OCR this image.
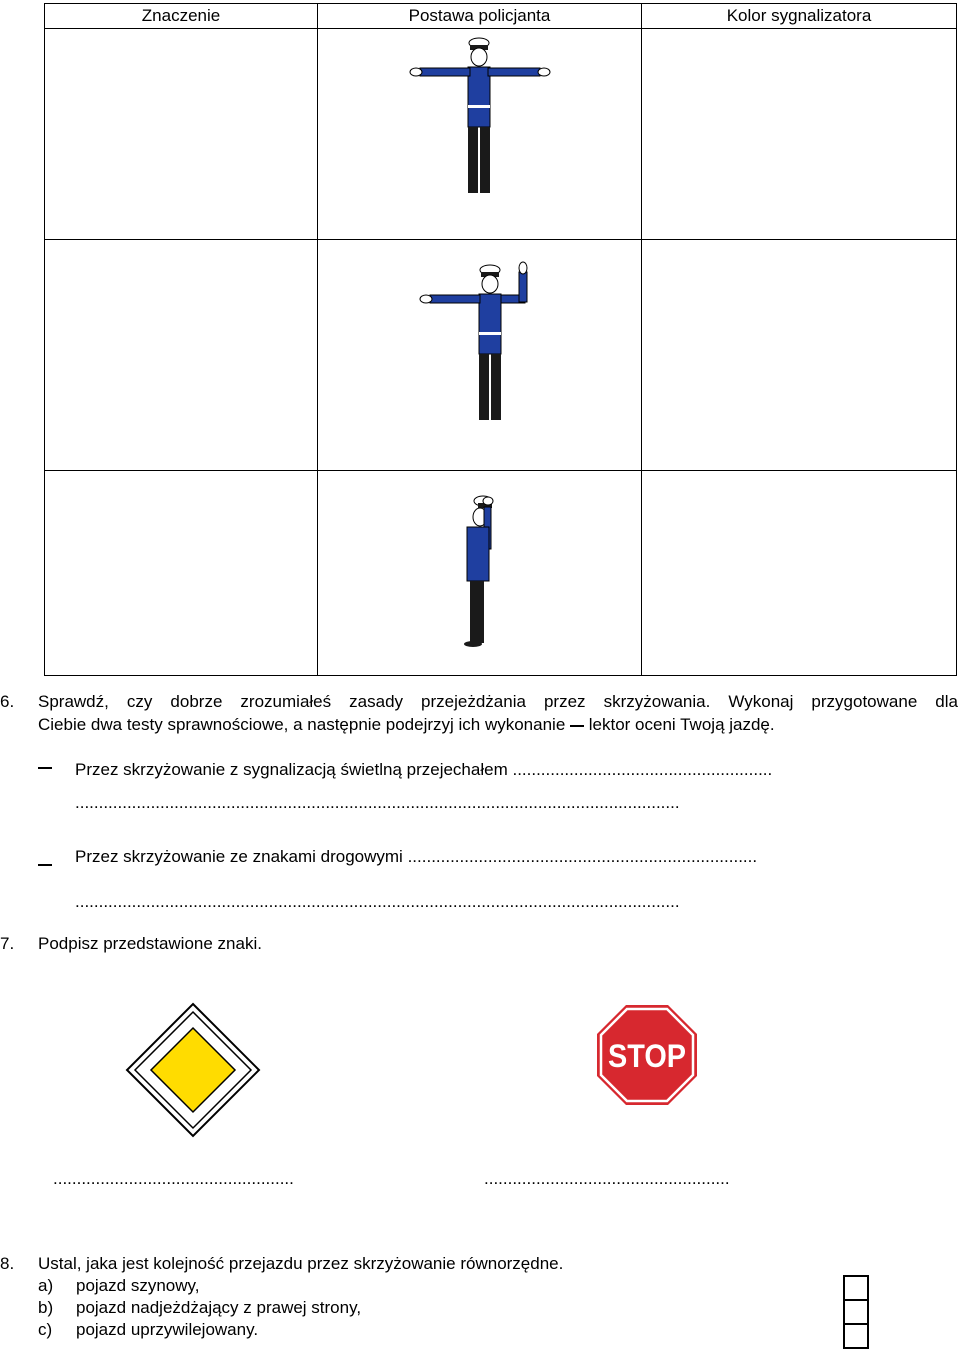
Znaczenie	Postawa policjanta	Kolor sygnalizatora

6. Sprawdź, czy dobrze zrozumiałeś zasady przejeżdżania przez skrzyżowania. Wykonaj przygotowane dla
Ciebie dwa testy sprawnościowe, a następnie podejrzyj ich wykonanie lektor oceni Twoją jazdę.
Przez skrzyżowanie z sygnalizacją świetlną przejechałem .......................................................
................................................................................................................................
Przez skrzyżowanie ze znakami drogowymi ..........................................................................
................................................................................................................................
7. Podpisz przedstawione znaki.
STOP
...................................................	....................................................
8. Ustal, jaka jest kolejność przejazdu przez skrzyżowanie równorzędne.
a) pojazd szynowy,
b) pojazd nadjeżdżający z prawej strony,
c) pojazd uprzywilejowany.
